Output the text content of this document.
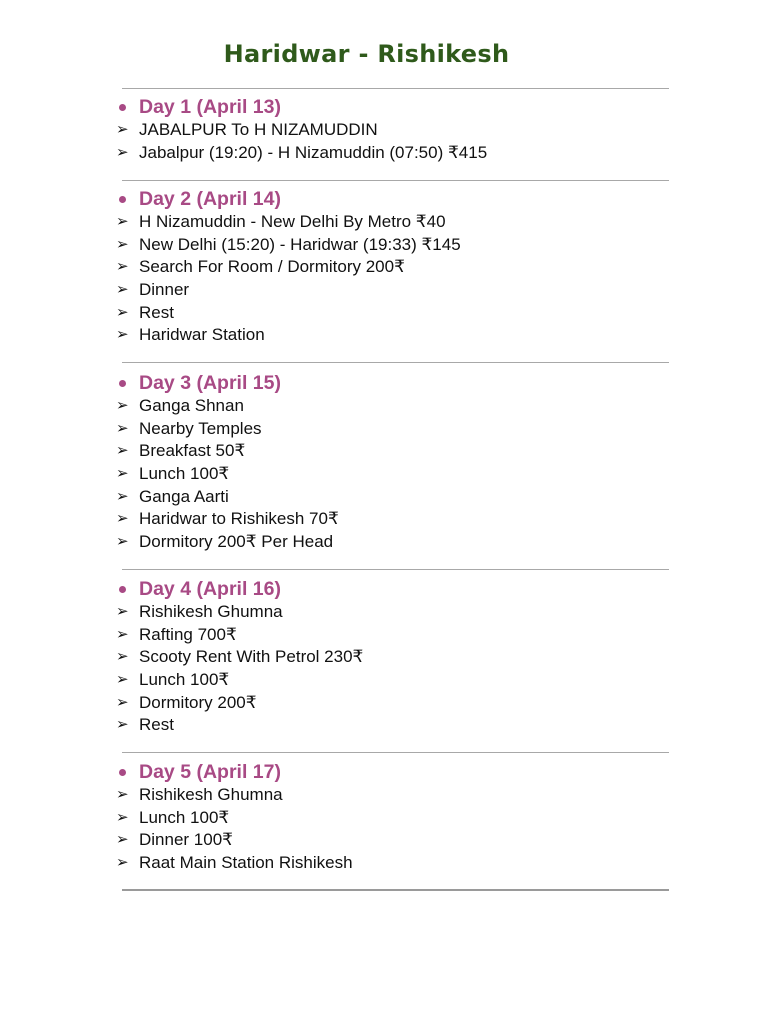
Haridwar - Rishikesh
Day 1 (April 13)
➢ JABALPUR To H NIZAMUDDIN
➢ Jabalpur (19:20) - H Nizamuddin (07:50) ₹415
Day 2 (April 14)
➢ H Nizamuddin - New Delhi By Metro ₹40
➢ New Delhi (15:20) - Haridwar (19:33) ₹145
➢ Search For Room / Dormitory 200₹
➢ Dinner
➢ Rest
➢ Haridwar Station
Day 3 (April 15)
➢ Ganga Shnan
➢ Nearby Temples
➢ Breakfast 50₹
➢ Lunch 100₹
➢ Ganga Aarti
➢ Haridwar to Rishikesh 70₹
➢ Dormitory 200₹ Per Head
Day 4 (April 16)
➢ Rishikesh Ghumna
➢ Rafting 700₹
➢ Scooty Rent With Petrol 230₹
➢ Lunch 100₹
➢ Dormitory 200₹
➢ Rest
Day 5 (April 17)
➢ Rishikesh Ghumna
➢ Lunch 100₹
➢ Dinner 100₹
➢ Raat Main Station Rishikesh
